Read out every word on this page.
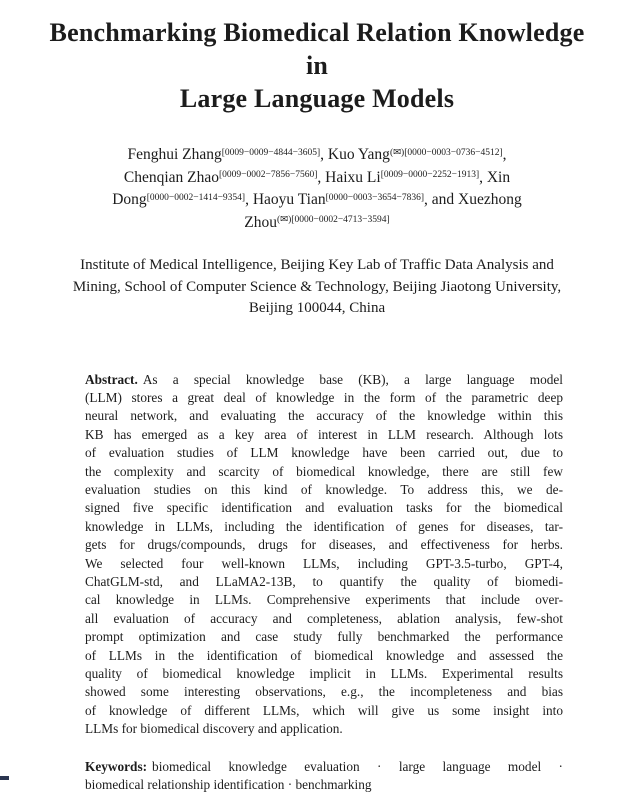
Benchmarking Biomedical Relation Knowledge in
Large Language Models
Fenghui Zhang[0009−0009−4844−3605], Kuo Yang$^{(✉)[0000-0003-0736-4512]}$,
Chenqian Zhao[0009−0002−7856−7560], Haixu Li[0009−0000−2252−1913], Xin
Dong[0000−0002−1414−9354], Haoyu Tian[0000−0003−3654−7836], and Xuezhong
Zhou$^{(✉)[0000-0002-4713-3594]}$
Institute of Medical Intelligence, Beijing Key Lab of Traffic Data Analysis and
Mining, School of Computer Science & Technology, Beijing Jiaotong University,
Beijing 100044, China
Abstract. As a special knowledge base (KB), a large language model
(LLM) stores a great deal of knowledge in the form of the parametric deep
neural network, and evaluating the accuracy of the knowledge within this
KB has emerged as a key area of interest in LLM research. Although lots
of evaluation studies of LLM knowledge have been carried out, due to
the complexity and scarcity of biomedical knowledge, there are still few
evaluation studies on this kind of knowledge. To address this, we de-
signed five specific identification and evaluation tasks for the biomedical
knowledge in LLMs, including the identification of genes for diseases, tar-
gets for drugs/compounds, drugs for diseases, and effectiveness for herbs.
We selected four well-known LLMs, including GPT-3.5-turbo, GPT-4,
ChatGLM-std, and LLaMA2-13B, to quantify the quality of biomedi-
cal knowledge in LLMs. Comprehensive experiments that include over-
all evaluation of accuracy and completeness, ablation analysis, few-shot
prompt optimization and case study fully benchmarked the performance
of LLMs in the identification of biomedical knowledge and assessed the
quality of biomedical knowledge implicit in LLMs. Experimental results
showed some interesting observations, e.g., the incompleteness and bias
of knowledge of different LLMs, which will give us some insight into
LLMs for biomedical discovery and application.
Keywords: biomedical knowledge evaluation · large language model ·
biomedical relationship identification · benchmarking
